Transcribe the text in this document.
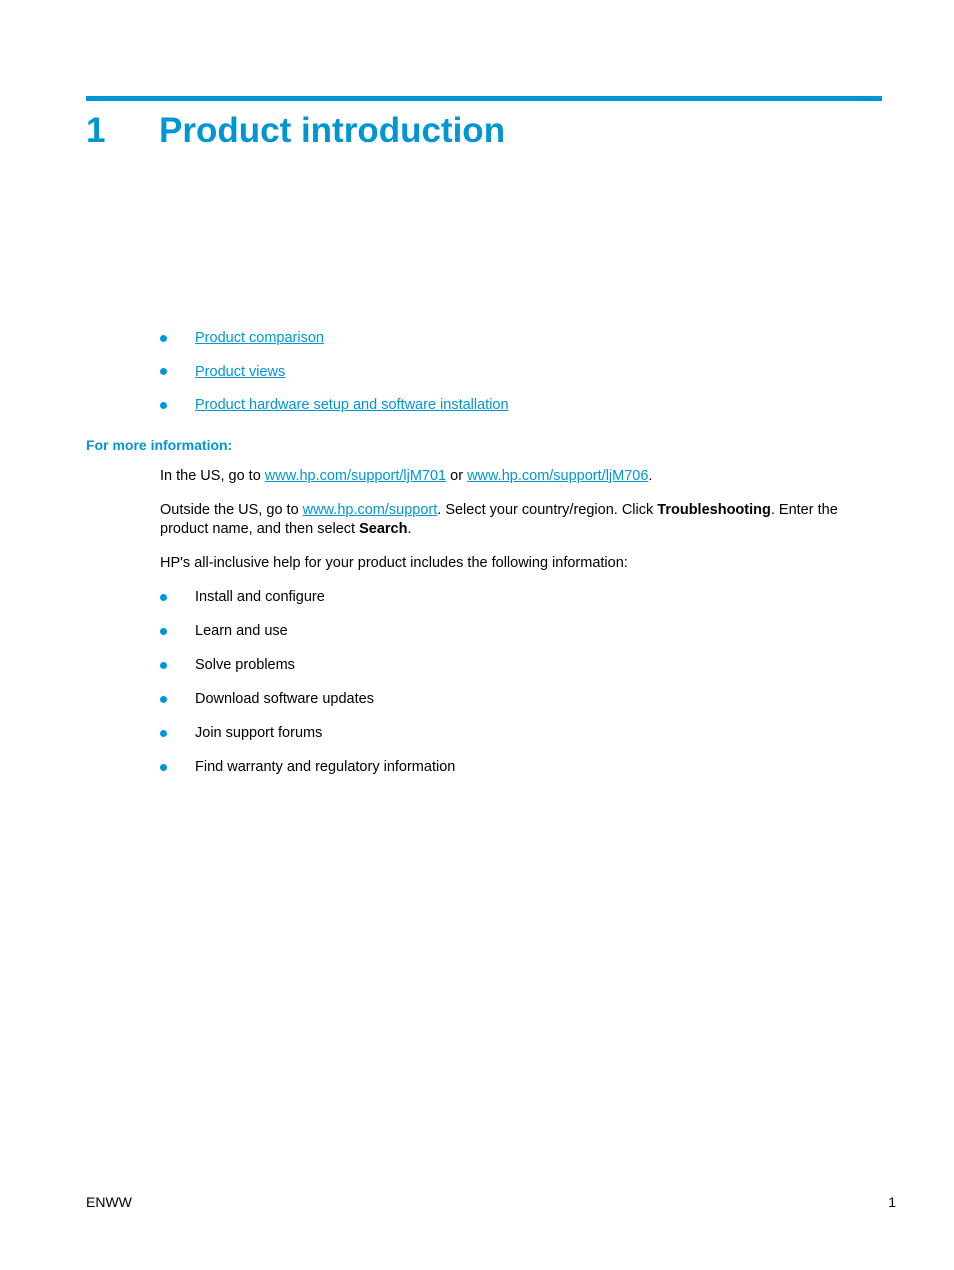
1 Product introduction
Product comparison
Product views
Product hardware setup and software installation
For more information:

In the US, go to www.hp.com/support/ljM701 or www.hp.com/support/ljM706.

Outside the US, go to www.hp.com/support. Select your country/region. Click Troubleshooting. Enter the product name, and then select Search.

HP's all-inclusive help for your product includes the following information:

Install and configure
Learn and use
Solve problems
Download software updates
Join support forums
Find warranty and regulatory information
ENWW	1
